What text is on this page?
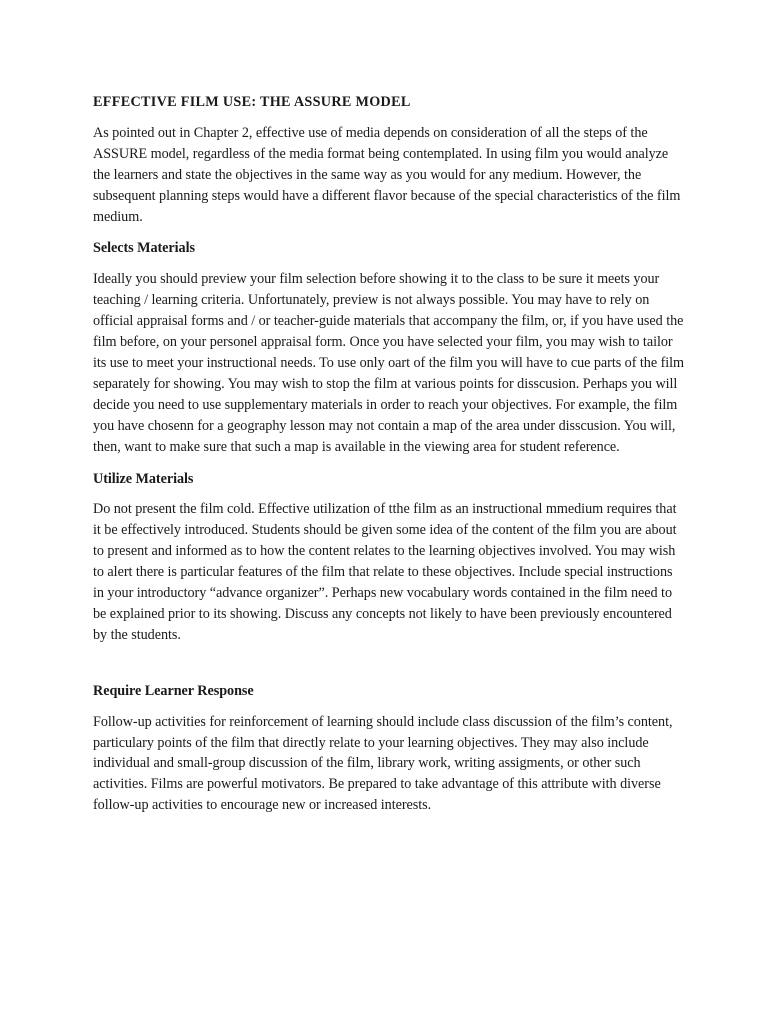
EFFECTIVE FILM USE: THE ASSURE MODEL

As pointed out in Chapter 2, effective use of media depends on consideration of all the steps of the ASSURE model, regardless of the media format being contemplated. In using film you would analyze the learners and state the objectives in the same way as you would for any medium. However, the subsequent planning steps would have a different flavor because of the special characteristics of the film medium.

Selects Materials

Ideally you should preview your film selection before showing it to the class to be sure it meets your teaching / learning criteria. Unfortunately, preview is not always possible. You may have to rely on official appraisal forms and / or teacher-guide materials that accompany the film, or, if you have used the film before, on your personel appraisal form. Once you have selected your film, you may wish to tailor its use to meet your instructional needs. To use only oart of the film you will have to cue parts of the film separately for showing. You may wish to stop the film at various points for disscusion. Perhaps you will decide you need to use supplementary materials in order to reach your objectives. For example, the film you have chosenn for a geography lesson may not contain a map of the area under disscusion. You will, then, want to make sure that such a map is available in the viewing area for student reference.

Utilize Materials

Do not present the film cold. Effective utilization of tthe film as an instructional mmedium requires that it be effectively introduced. Students should be given some idea of the content of the film you are about to present and informed as to how the content relates to the learning objectives involved. You may wish to alert there is particular features of the film that relate to these objectives. Include special instructions in your introductory “advance organizer”. Perhaps new vocabulary words contained in the film need to be explained prior to its showing. Discuss any concepts not likely to have been previously encountered by the students.

Require Learner Response

Follow-up activities for reinforcement of learning should include class discussion of the film’s content, particulary points of the film that directly relate to your learning objectives. They may also include individual and small-group discussion of the film, library work, writing assigments, or other such activities. Films are powerful motivators. Be prepared to take advantage of this attribute with diverse follow-up activities to encourage new or increased interests.
